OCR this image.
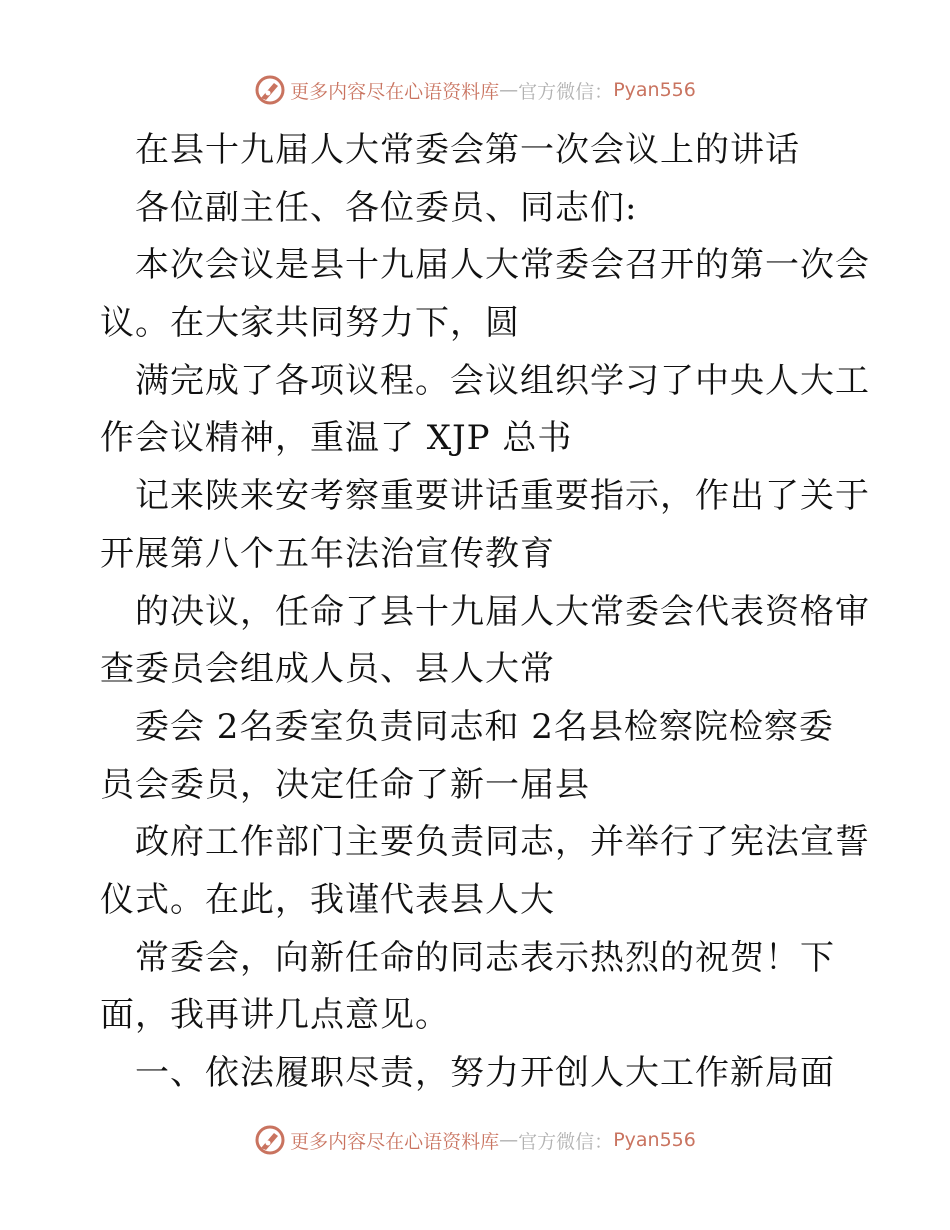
更多内容尽在心语资料库 — 官方微信： Pyan556
在县十九届人大常委会第一次会议上的讲话
各位副主任、各位委员、同志们:
本次会议是县十九届人大常委会召开的第一次会
议。在大家共同努力下，圆
满完成了各项议程。会议组织学习了中央人大工
作会议精神，重温了 XJP 总书
记来陕来安考察重要讲话重要指示，作出了关于
开展第八个五年法治宣传教育
的决议，任命了县十九届人大常委会代表资格审
查委员会组成人员、县人大常
委会 2名委室负责同志和 2名县检察院检察委
员会委员，决定任命了新一届县
政府工作部门主要负责同志，并举行了宪法宣誓
仪式。在此，我谨代表县人大
常委会，向新任命的同志表示热烈的祝贺！下
面，我再讲几点意见。
一、依法履职尽责，努力开创人大工作新局面
更多内容尽在心语资料库 — 官方微信： Pyan556
